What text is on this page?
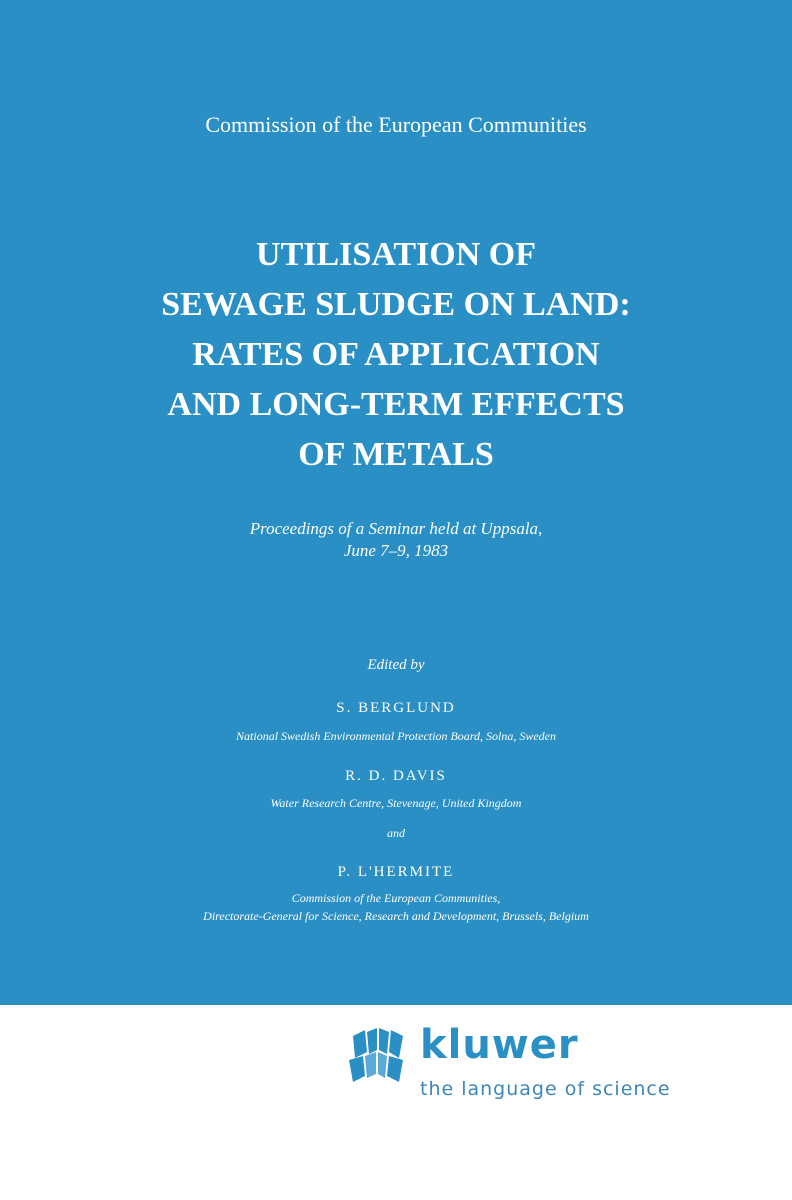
Commission of the European Communities
UTILISATION OF
SEWAGE SLUDGE ON LAND:
RATES OF APPLICATION
AND LONG-TERM EFFECTS
OF METALS
Proceedings of a Seminar held at Uppsala,
June 7–9, 1983
Edited by
S. BERGLUND
National Swedish Environmental Protection Board, Solna, Sweden
R. D. DAVIS
Water Research Centre, Stevenage, United Kingdom
and
P. L'HERMITE
Commission of the European Communities,
Directorate-General for Science, Research and Development, Brussels, Belgium
kluwer
the language of science
